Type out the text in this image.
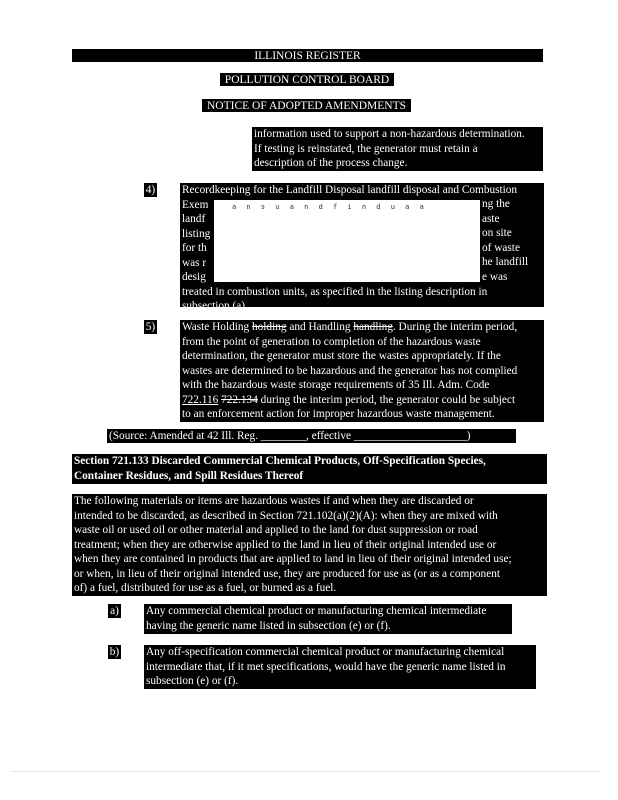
ILLINOIS REGISTER
POLLUTION CONTROL BOARD
NOTICE OF ADOPTED AMENDMENTS
information used to support a non-hazardous determination.
If testing is reinstated, the generator must retain a
description of the process change.
4) Recordkeeping for the Landfill Disposal landfill disposal and Combustion
Exem
landf
listing
for th
was r
desig
treated in combustion units, as specified in the listing description in
subsection (a).
a n s u a n d f i n d u a a	ng the
aste
on site
of waste
he landfill
e was
5) Waste Holding holding and Handling handling. During the interim period,
from the point of generation to completion of the hazardous waste
determination, the generator must store the wastes appropriately. If the
wastes are determined to be hazardous and the generator has not complied
with the hazardous waste storage requirements of 35 Ill. Adm. Code
722.116 722.134 during the interim period, the generator could be subject
to an enforcement action for improper hazardous waste management.
(Source: Amended at 42 Ill. Reg. ________, effective ____________________)
Section 721.133 Discarded Commercial Chemical Products, Off-Specification Species,
Container Residues, and Spill Residues Thereof
The following materials or items are hazardous wastes if and when they are discarded or
intended to be discarded, as described in Section 721.102(a)(2)(A): when they are mixed with
waste oil or used oil or other material and applied to the land for dust suppression or road
treatment; when they are otherwise applied to the land in lieu of their original intended use or
when they are contained in products that are applied to land in lieu of their original intended use;
or when, in lieu of their original intended use, they are produced for use as (or as a component
of) a fuel, distributed for use as a fuel, or burned as a fuel.
a) Any commercial chemical product or manufacturing chemical intermediate
having the generic name listed in subsection (e) or (f).
b) Any off-specification commercial chemical product or manufacturing chemical
intermediate that, if it met specifications, would have the generic name listed in
subsection (e) or (f).
